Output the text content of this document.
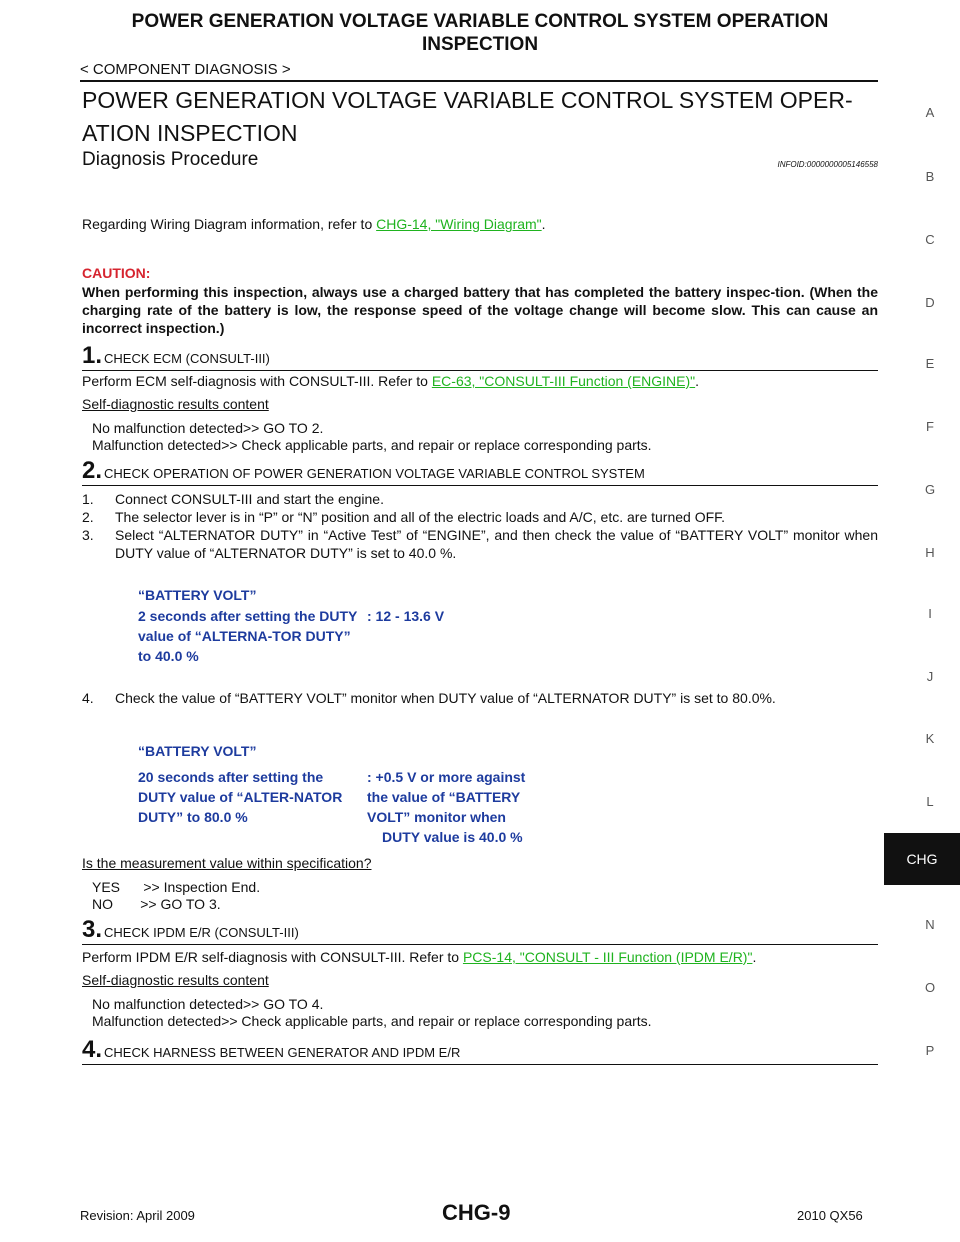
POWER GENERATION VOLTAGE VARIABLE CONTROL SYSTEM OPERATION INSPECTION
< COMPONENT DIAGNOSIS >
POWER GENERATION VOLTAGE VARIABLE CONTROL SYSTEM OPER-ATION INSPECTION
Diagnosis Procedure	INFOID:0000000005146558
Regarding Wiring Diagram information, refer to CHG-14, "Wiring Diagram".
CAUTION:
When performing this inspection, always use a charged battery that has completed the battery inspec-tion. (When the charging rate of the battery is low, the response speed of the voltage change will become slow. This can cause an incorrect inspection.)
1. CHECK ECM (CONSULT-III)
Perform ECM self-diagnosis with CONSULT-III. Refer to EC-63, "CONSULT-III Function (ENGINE)".
Self-diagnostic results content
No malfunction detected>> GO TO 2.
Malfunction detected>> Check applicable parts, and repair or replace corresponding parts.
2. CHECK OPERATION OF POWER GENERATION VOLTAGE VARIABLE CONTROL SYSTEM
1. Connect CONSULT-III and start the engine.
2. The selector lever is in “P” or “N” position and all of the electric loads and A/C, etc. are turned OFF.
3. Select “ALTERNATOR DUTY” in “Active Test” of “ENGINE”, and then check the value of “BATTERY VOLT” monitor when DUTY value of “ALTERNATOR DUTY” is set to 40.0 %.
“BATTERY VOLT”
2 seconds after setting the DUTY value of “ALTERNA-TOR DUTY” to 40.0 %
: 12 - 13.6 V
4. Check the value of “BATTERY VOLT” monitor when DUTY value of “ALTERNATOR DUTY” is set to 80.0%.
“BATTERY VOLT”
20 seconds after setting the DUTY value of “ALTER-NATOR DUTY” to 80.0 %
: +0.5 V or more against
the value of “BATTERY
VOLT” monitor when
DUTY value is 40.0 %
Is the measurement value within specification?
YES      >> Inspection End.
NO       >> GO TO 3.
3. CHECK IPDM E/R (CONSULT-III)
Perform IPDM E/R self-diagnosis with CONSULT-III. Refer to PCS-14, "CONSULT - III Function (IPDM E/R)".
Self-diagnostic results content
No malfunction detected>> GO TO 4.
Malfunction detected>> Check applicable parts, and repair or replace corresponding parts.
4. CHECK HARNESS BETWEEN GENERATOR AND IPDM E/R
A
B
C
D
E
F
G
H
I
J
K
L
CHG
N
O
P
Revision: April 2009	CHG-9	2010 QX56
